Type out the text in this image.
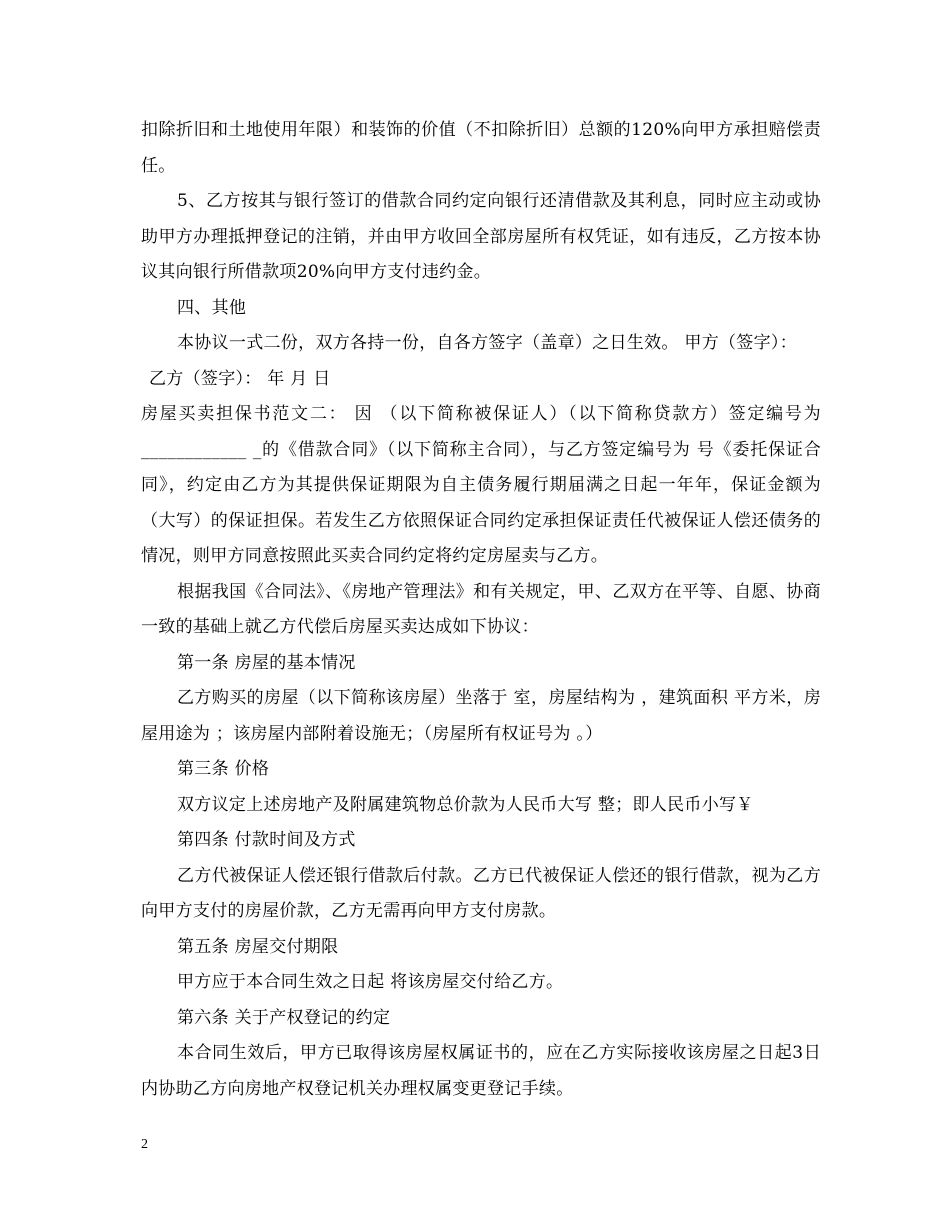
扣除折旧和土地使用年限）和装饰的价值（不扣除折旧）总额的120%向甲方承担赔偿责任。

5、乙方按其与银行签订的借款合同约定向银行还清借款及其利息，同时应主动或协助甲方办理抵押登记的注销，并由甲方收回全部房屋所有权凭证，如有违反，乙方按本协议其向银行所借款项20%向甲方支付违约金。

四、其他

本协议一式二份，双方各持一份，自各方签字（盖章）之日生效。 甲方（签字）：

乙方（签字）： 年 月 日

房屋买卖担保书范文二： 因 （以下简称被保证人）（以下简称贷款方）签定编号为____________ _的《借款合同》（以下简称主合同），与乙方签定编号为 号《委托保证合同》，约定由乙方为其提供保证期限为自主债务履行期届满之日起一年年，保证金额为 （大写）的保证担保。若发生乙方依照保证合同约定承担保证责任代被保证人偿还债务的情况，则甲方同意按照此买卖合同约定将约定房屋卖与乙方。

根据我国《合同法》、《房地产管理法》和有关规定，甲、乙双方在平等、自愿、协商一致的基础上就乙方代偿后房屋买卖达成如下协议：

第一条 房屋的基本情况

乙方购买的房屋（以下简称该房屋）坐落于 室，房屋结构为 ，建筑面积 平方米，房屋用途为 ；该房屋内部附着设施无；（房屋所有权证号为 。）

第三条 价格

双方议定上述房地产及附属建筑物总价款为人民币大写 整；即人民币小写￥

第四条 付款时间及方式

乙方代被保证人偿还银行借款后付款。乙方已代被保证人偿还的银行借款，视为乙方向甲方支付的房屋价款，乙方无需再向甲方支付房款。

第五条 房屋交付期限

甲方应于本合同生效之日起 将该房屋交付给乙方。

第六条 关于产权登记的约定

本合同生效后，甲方已取得该房屋权属证书的，应在乙方实际接收该房屋之日起3日内协助乙方向房地产权登记机关办理权属变更登记手续。

2
